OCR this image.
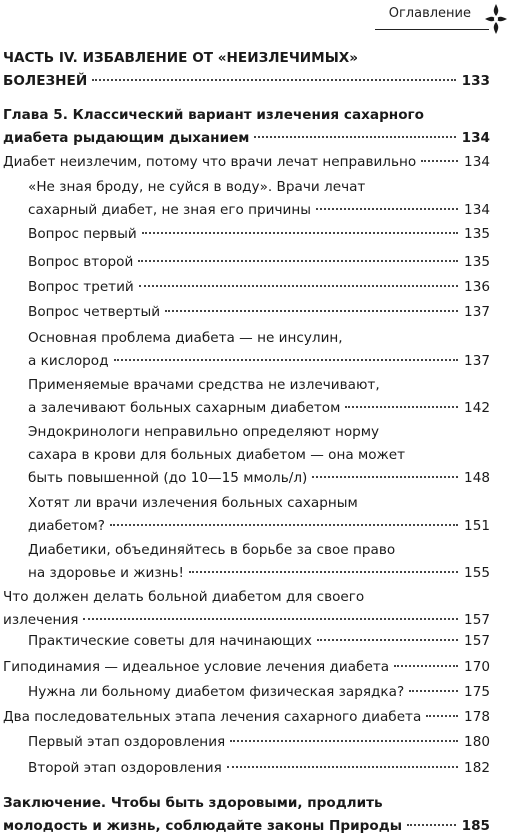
Оглавление
ЧАСТЬ IV. ИЗБАВЛЕНИЕ ОТ «НЕИЗЛЕЧИМЫХ»
БОЛЕЗНЕЙ	133
Глава 5. Классический вариант излечения сахарного
диабета рыдающим дыханием	134
Диабет неизлечим, потому что врачи лечат неправильно	134
«Не зная броду, не суйся в воду». Врачи лечат
сахарный диабет, не зная его причины	134
Вопрос первый	135
Вопрос второй	135
Вопрос третий	136
Вопрос четвертый	137
Основная проблема диабета — не инсулин,
а кислород	137
Применяемые врачами средства не излечивают,
а залечивают больных сахарным диабетом	142
Эндокринологи неправильно определяют норму
сахара в крови для больных диабетом — она может
быть повышенной (до 10—15 ммоль/л)	148
Хотят ли врачи излечения больных сахарным
диабетом?	151
Диабетики, объединяйтесь в борьбе за свое право
на здоровье и жизнь!	155
Что должен делать больной диабетом для своего
излечения	157
Практические советы для начинающих	157
Гиподинамия — идеальное условие лечения диабета	170
Нужна ли больному диабетом физическая зарядка?	175
Два последовательных этапа лечения сахарного диабета	178
Первый этап оздоровления	180
Второй этап оздоровления	182
Заключение. Чтобы быть здоровыми, продлить
молодость и жизнь, соблюдайте законы Природы	185
